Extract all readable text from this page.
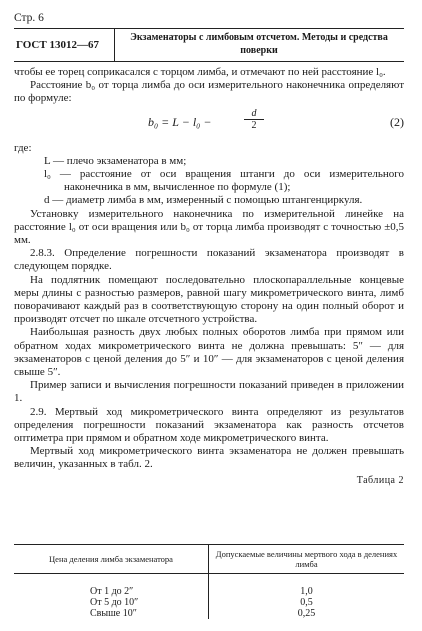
Стр. 6
ГОСТ 13012—67
Экзаменаторы с лимбовым отсчетом. Методы и средства поверки

чтобы ее торец соприкасался с торцом лимба, и отмечают по ней расстояние l₀.

Расстояние b₀ от торца лимба до оси измерительного наконечника определяют по формуле:

b₀ = L − l₀ −	$\frac{d}{2}$	(2)

где:

L — плечо экзаменатора в мм;

l₀ — расстояние от оси вращения штанги до оси измерительного наконечника в мм, вычисленное по формуле (1);

d — диаметр лимба в мм, измеренный с помощью штангенциркуля.

Установку измерительного наконечника по измерительной линейке на расстояние l₀ от оси вращения или b₀ от торца лимба производят с точностью ±0,5 мм.

2.8.3. Определение погрешности показаний экзаменатора производят в следующем порядке.

На подлятник помещают последовательно плоскопараллельные концевые меры длины с разностью размеров, равной шагу микрометрического винта, лимб поворачивают каждый раз в соответствующую сторону на один полный оборот и производят отсчет по шкале отсчетного устройства.

Наибольшая разность двух любых полных оборотов лимба при прямом или обратном ходах микрометрического винта не должна превышать: 5″ — для экзаменаторов с ценой деления до 5″ и 10″ — для экзаменаторов с ценой деления свыше 5″.

Пример записи и вычисления погрешности показаний приведен в приложении 1.

2.9. Мертвый ход микрометрического винта определяют из результатов определения погрешности показаний экзаменатора как разность отсчетов оптиметра при прямом и обратном ходе микрометрического винта.

Мертвый ход микрометрического винта экзаменатора не должен превышать величин, указанных в табл. 2.

Таблица 2
Цена деления лимба экзаменатора	Допускаемые величины мертвого хода в делениях лимба
От 1 до 2″	1,0
От 5 до 10″	0,5
Свыше 10″	0,25
